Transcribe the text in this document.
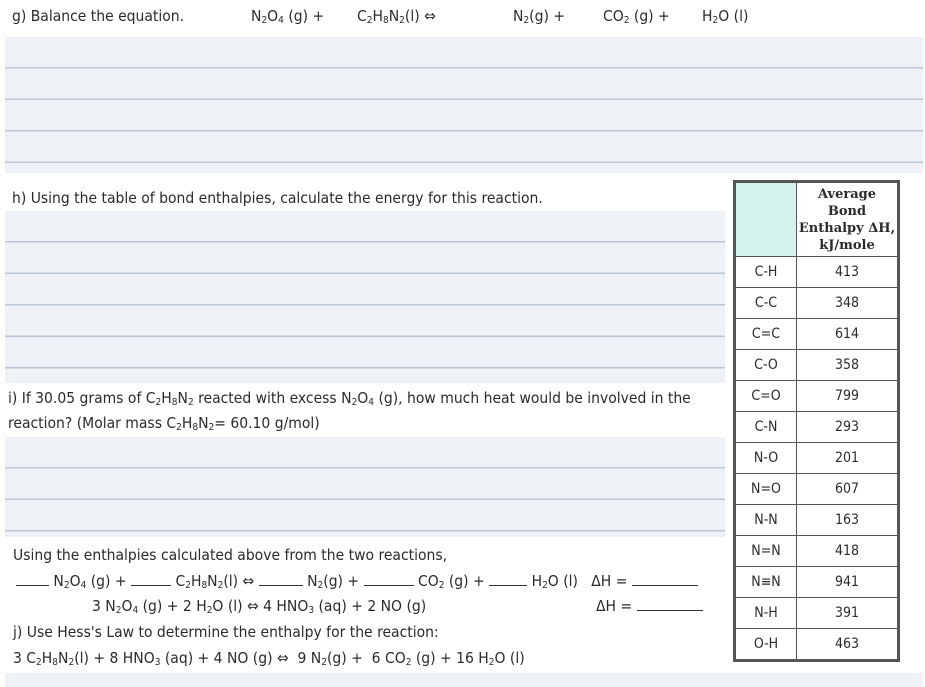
g) Balance the equation.	$N_2O_4$ $(g) + C_2H_8N_2(l)$ ⇔	$N_2(g) + CO_2$ $(g) + H_2O$ (l)
h) Using the table of bond enthalpies, calculate the energy for this reaction.
i) If 30.05 grams of $C_2H_8N_2$ reacted with excess $N_2O_4$ (g), how much heat would be involved in the
reaction? (Molar mass $C_2H_8N_2= 60.10$ g/mol)
Using the enthalpies calculated above from the two reactions,
$N_2O_4$ (g) +	$C_2H_8N_2(l)$ ⇔	$N_2(g)$ +	$CO_2$ $(g) + H_2O$ (l)   ΔH =
3 $N_2O_4$ (g) + 2 $H_2O$ (l) ⇔ 4 $HNO_3$ (aq) + 2 NO (g)	ΔH =
j) Use Hess's Law to determine the enthalpy for the reaction:
3 $C_2H_8N_2(l) + 8$ $HNO_3$ (aq) + 4 NO (g) ⇔  9 $N_2(g) + 6$ $CO_2$ (g) + 16 $H_2O$ (l)
	Average Bond
Enthalpy ΔH,
kJ/mole
C-H	413
C-C	348
C=C	614
C-O	358
C=O	799
C-N	293
N-O	201
N=O	607
N-N	163
N=N	418
N≡N	941
N-H	391
O-H	463
